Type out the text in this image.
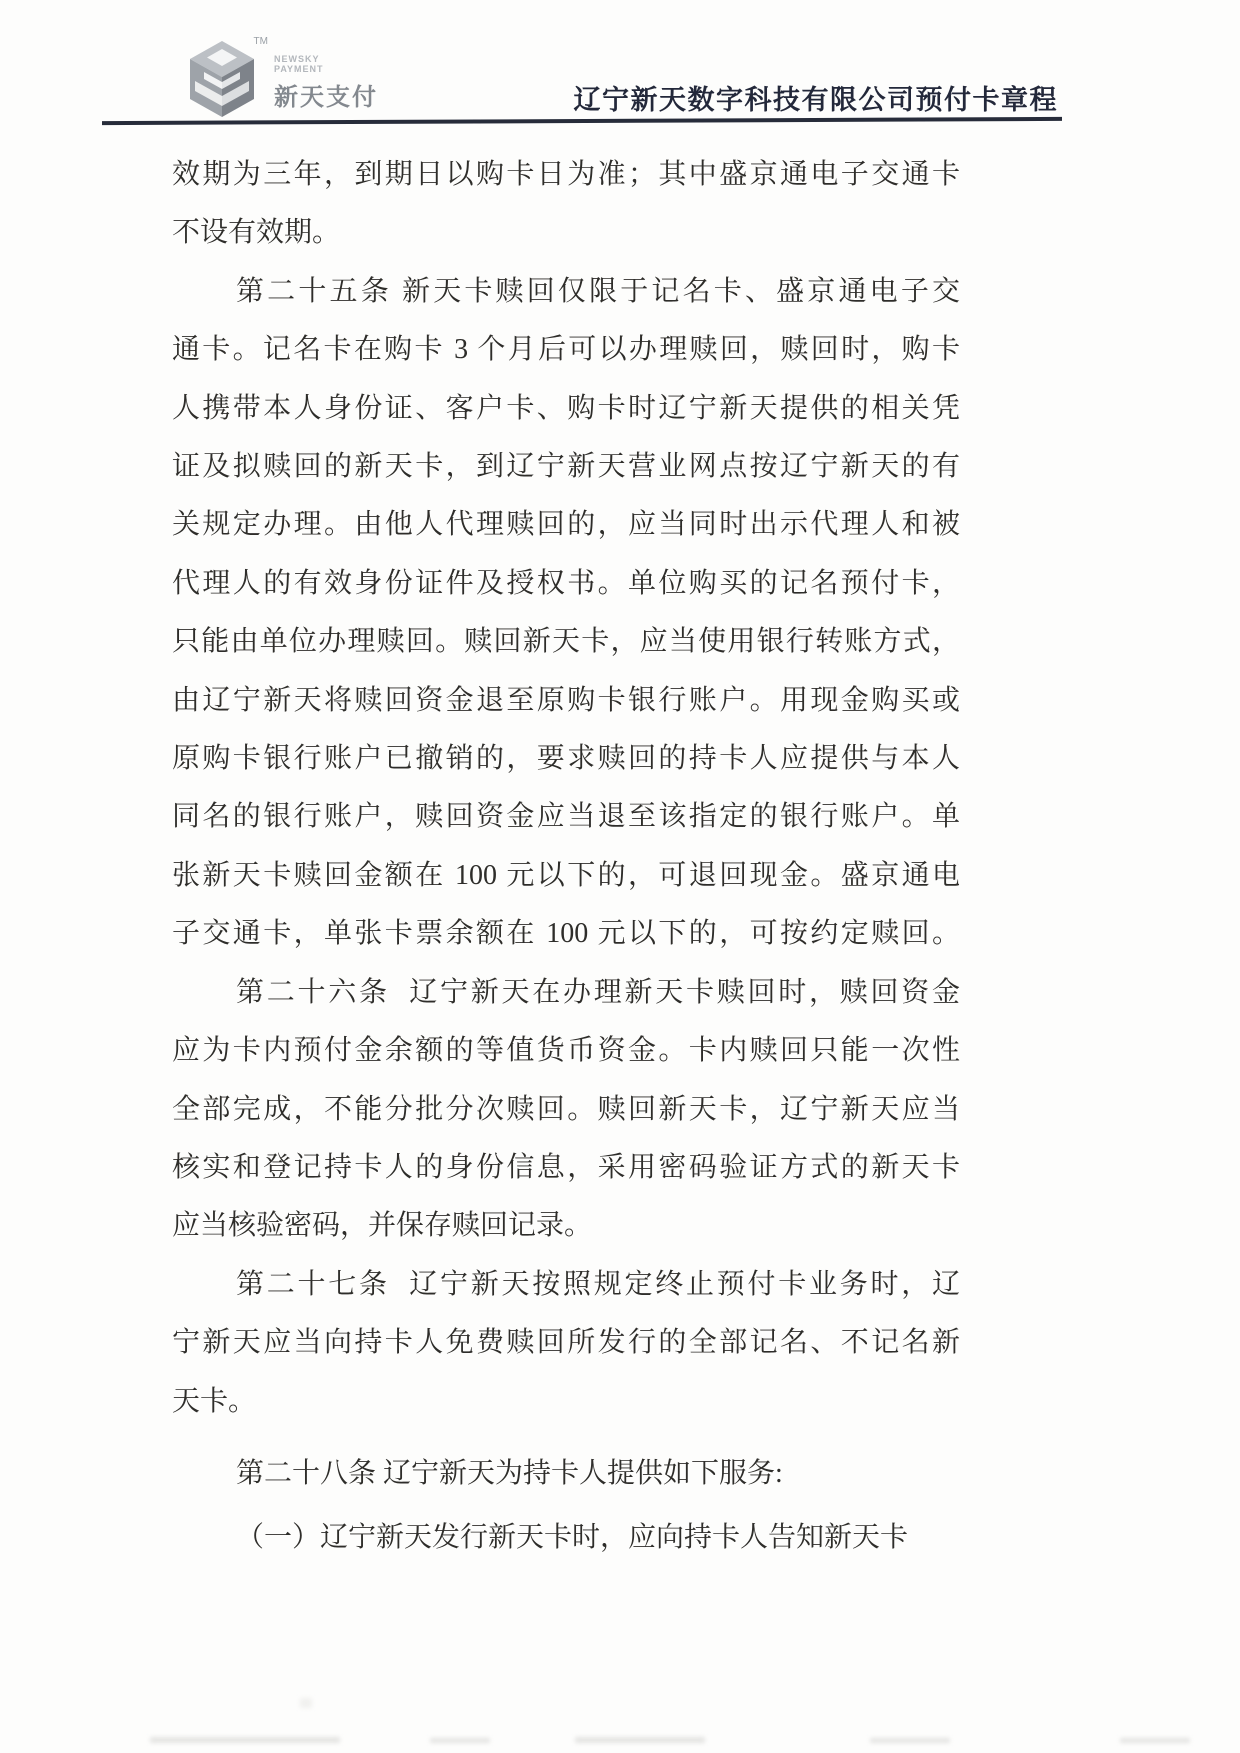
TM
NEWSKY
PAYMENT
新天支付	辽宁新天数字科技有限公司预付卡章程
效期为三年，到期日以购卡日为准；其中盛京通电子交通卡
不设有效期。
第二十五条 新天卡赎回仅限于记名卡、盛京通电子交
通卡。记名卡在购卡 3 个月后可以办理赎回，赎回时，购卡
人携带本人身份证、客户卡、购卡时辽宁新天提供的相关凭
证及拟赎回的新天卡，到辽宁新天营业网点按辽宁新天的有
关规定办理。由他人代理赎回的，应当同时出示代理人和被
代理人的有效身份证件及授权书。单位购买的记名预付卡，
只能由单位办理赎回。赎回新天卡，应当使用银行转账方式，
由辽宁新天将赎回资金退至原购卡银行账户。用现金购买或
原购卡银行账户已撤销的，要求赎回的持卡人应提供与本人
同名的银行账户，赎回资金应当退至该指定的银行账户。单
张新天卡赎回金额在 100 元以下的，可退回现金。盛京通电
子交通卡，单张卡票余额在 100 元以下的，可按约定赎回。
第二十六条  辽宁新天在办理新天卡赎回时，赎回资金
应为卡内预付金余额的等值货币资金。卡内赎回只能一次性
全部完成，不能分批分次赎回。赎回新天卡，辽宁新天应当
核实和登记持卡人的身份信息，采用密码验证方式的新天卡
应当核验密码，并保存赎回记录。
第二十七条  辽宁新天按照规定终止预付卡业务时，辽
宁新天应当向持卡人免费赎回所发行的全部记名、不记名新
天卡。
第二十八条 辽宁新天为持卡人提供如下服务:
（一）辽宁新天发行新天卡时，应向持卡人告知新天卡
